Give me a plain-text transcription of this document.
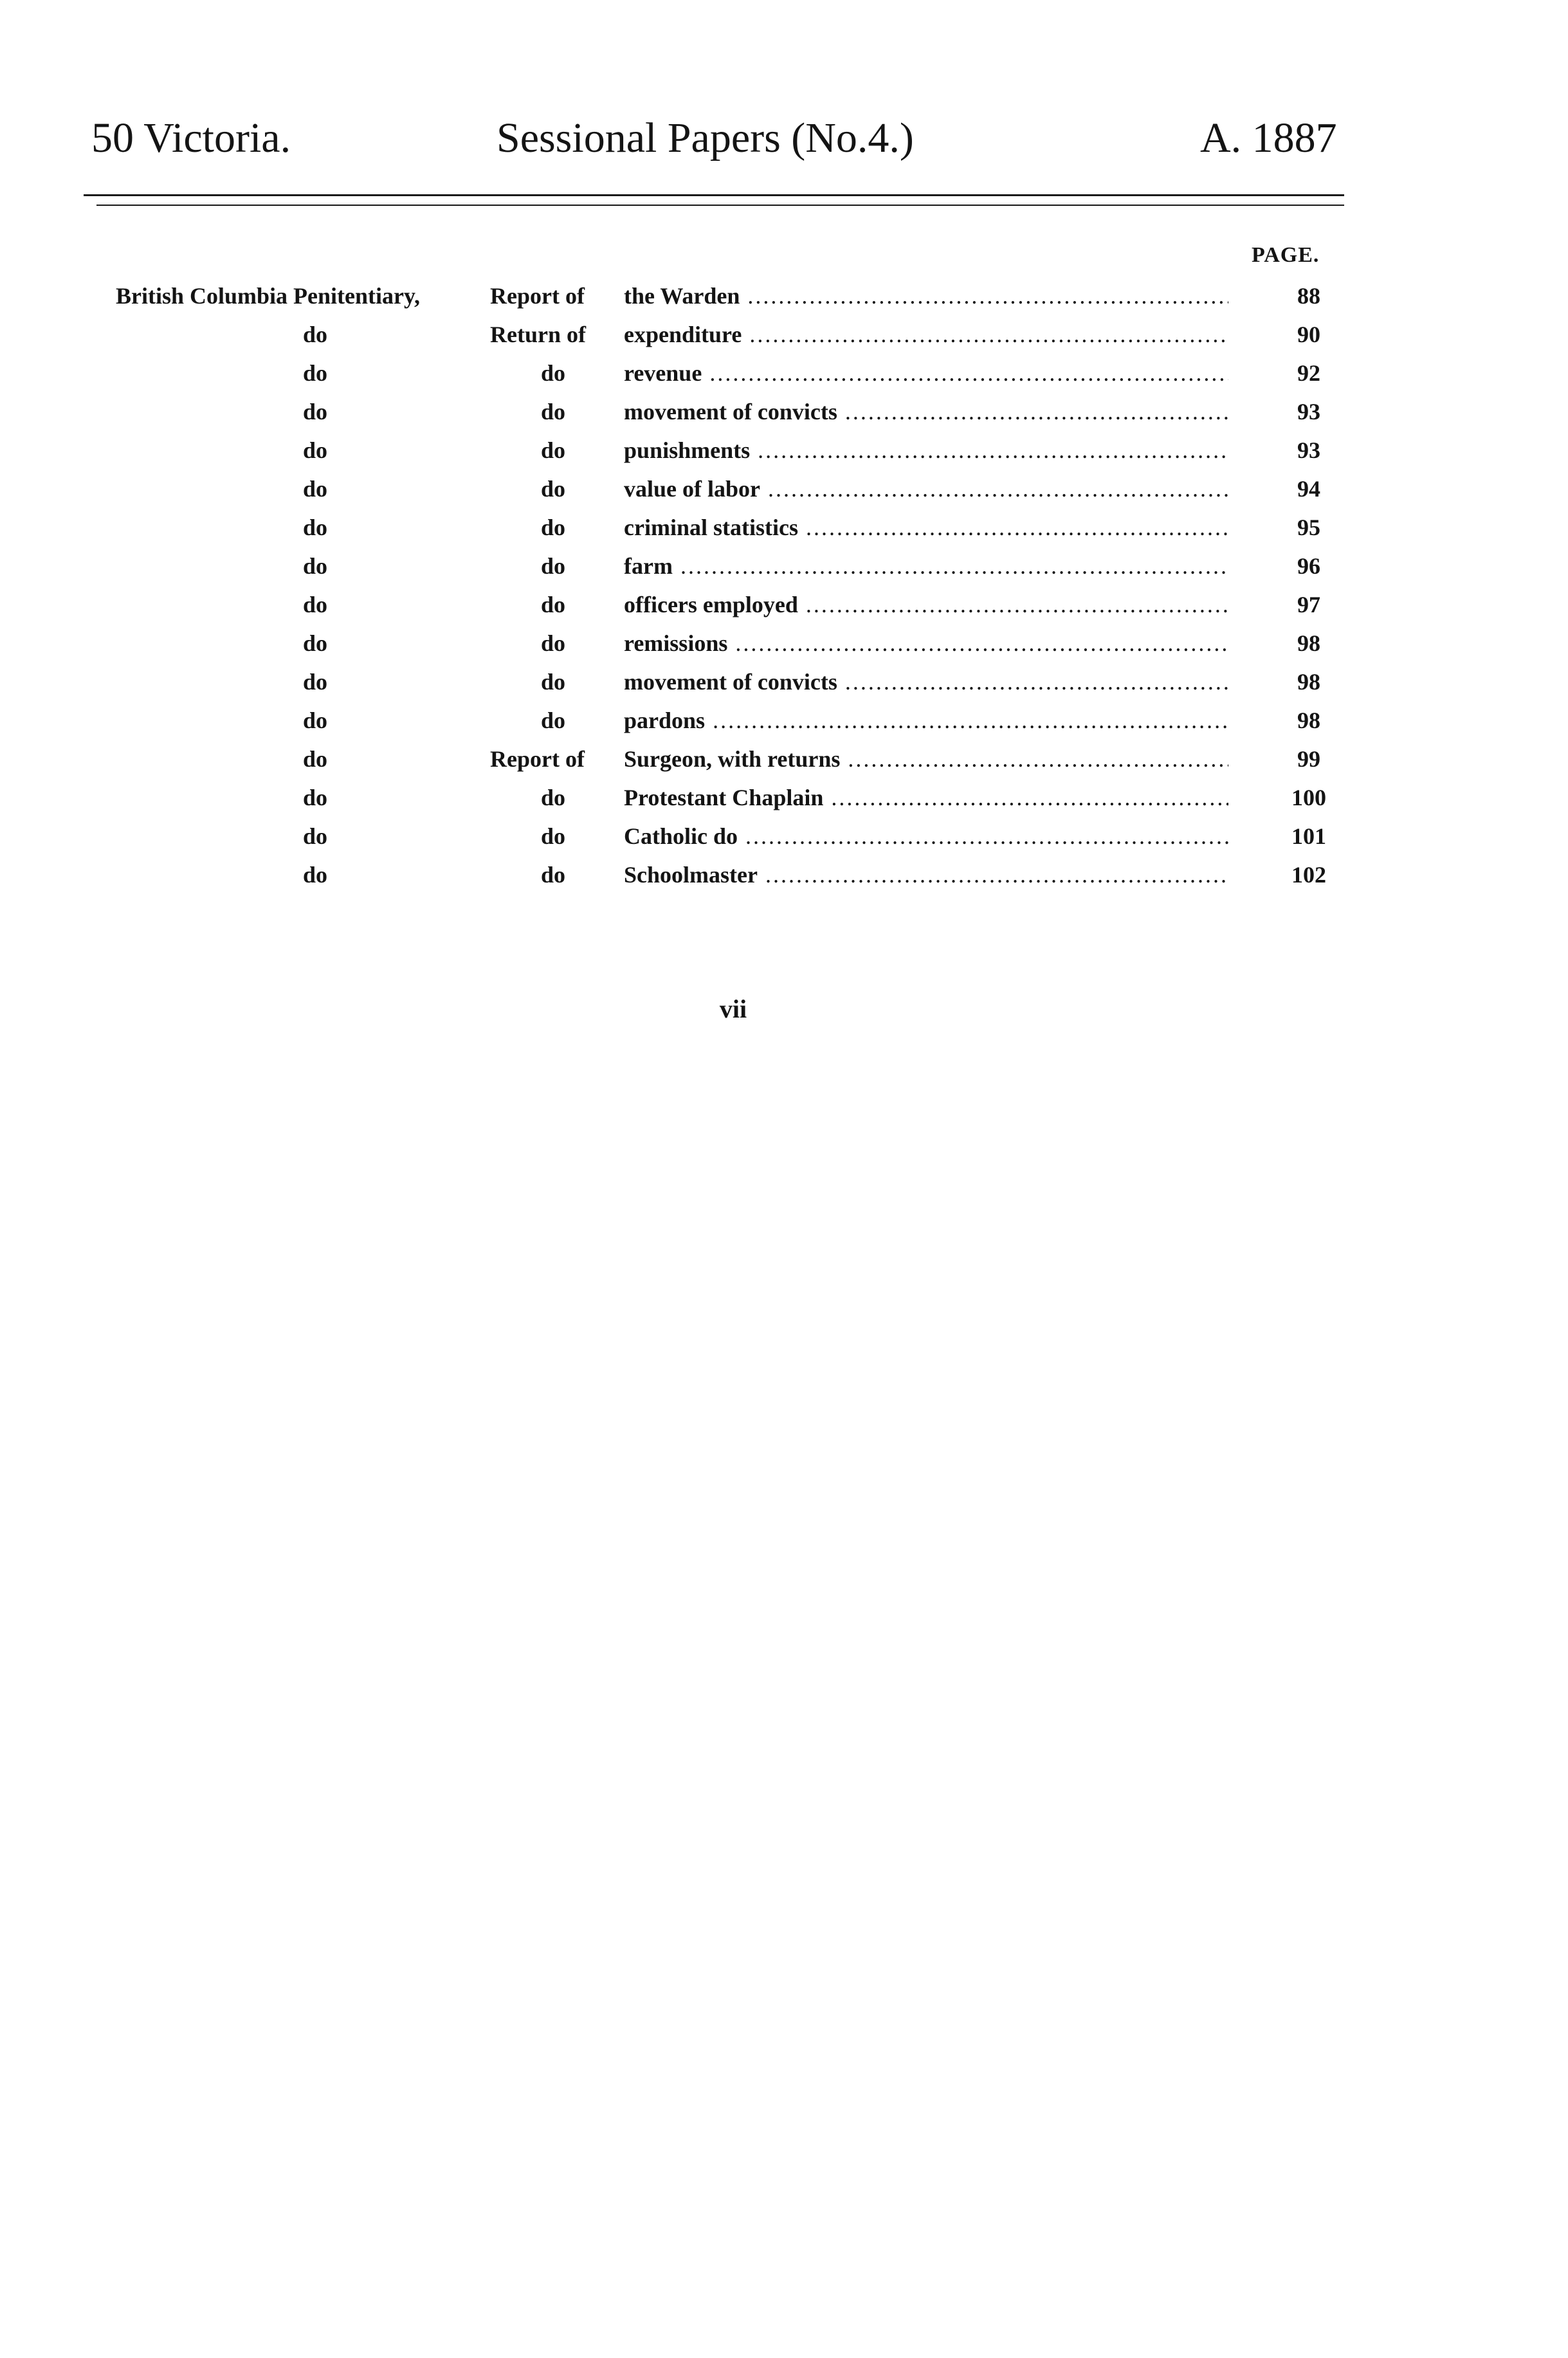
50 Victoria.	Sessional Papers (No.4.)	A. 1887
PAGE.
British Columbia Penitentiary,	Report of the Warden .....	88
do	Return of expenditure .....	90
do	do	revenue .....	92
do	do	movement of convicts .....	93
do	do	punishments .....	93
do	do	value of labor .....	94
do	do	criminal statistics .....	95
do	do	farm .....	96
do	do	officers employed .....	97
do	do	remissions .....	98
do	do	movement of convicts .....	98
do	do	pardons .....	98
do	Report of Surgeon, with returns .....	99
do	do	Protestant Chaplain .....	100
do	do	Catholic do .....	101
do	do	Schoolmaster .....	102
vii
